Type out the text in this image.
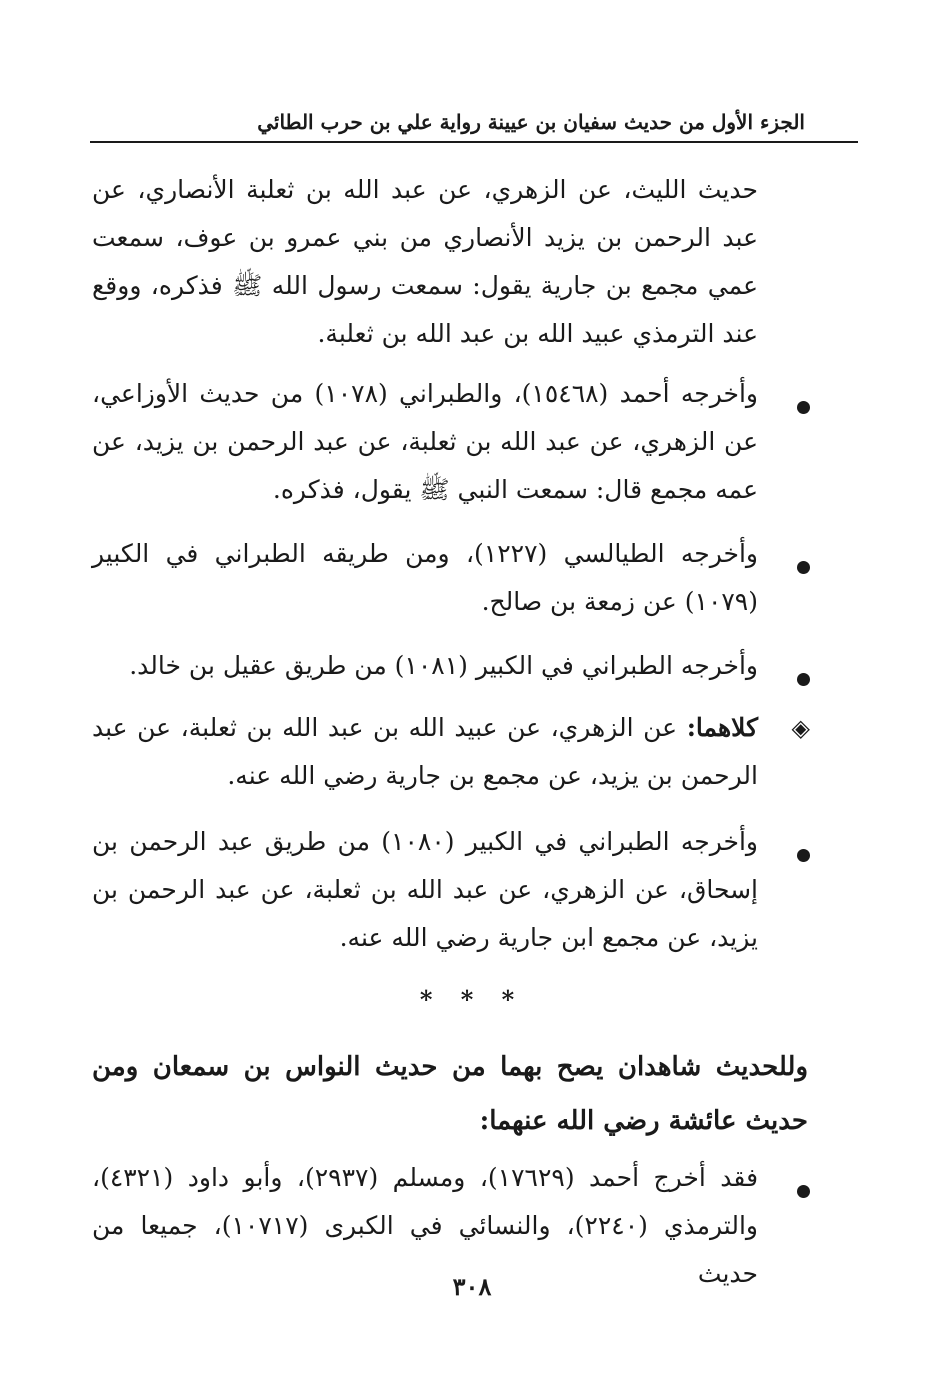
الجزء الأول من حديث سفيان بن عيينة رواية علي بن حرب الطائي
حديث الليث، عن الزهري، عن عبد الله بن ثعلبة الأنصاري، عن عبد الرحمن بن يزيد الأنصاري من بني عمرو بن عوف، سمعت عمي مجمع بن جارية يقول: سمعت رسول الله ﷺ فذكره، ووقع عند الترمذي عبيد الله بن عبد الله بن ثعلبة.
وأخرجه أحمد (١٥٤٦٨)، والطبراني (١٠٧٨) من حديث الأوزاعي، عن الزهري، عن عبد الله بن ثعلبة، عن عبد الرحمن بن يزيد، عن عمه مجمع قال: سمعت النبي ﷺ يقول، فذكره.
وأخرجه الطيالسي (١٢٢٧)، ومن طريقه الطبراني في الكبير (١٠٧٩) عن زمعة بن صالح.
وأخرجه الطبراني في الكبير (١٠٨١) من طريق عقيل بن خالد.
◈
كلاهما: عن الزهري، عن عبيد الله بن عبد الله بن ثعلبة، عن عبد الرحمن بن يزيد، عن مجمع بن جارية رضي الله عنه.
وأخرجه الطبراني في الكبير (١٠٨٠) من طريق عبد الرحمن بن إسحاق، عن الزهري، عن عبد الله بن ثعلبة، عن عبد الرحمن بن يزيد، عن مجمع ابن جارية رضي الله عنه.
* * *
وللحديث شاهدان يصح بهما من حديث النواس بن سمعان ومن حديث عائشة رضي الله عنهما:
فقد أخرج أحمد (١٧٦٢٩)، ومسلم (٢٩٣٧)، وأبو داود (٤٣٢١)، والترمذي (٢٢٤٠)، والنسائي في الكبرى (١٠٧١٧)، جميعا من حديث
٣٠٨
